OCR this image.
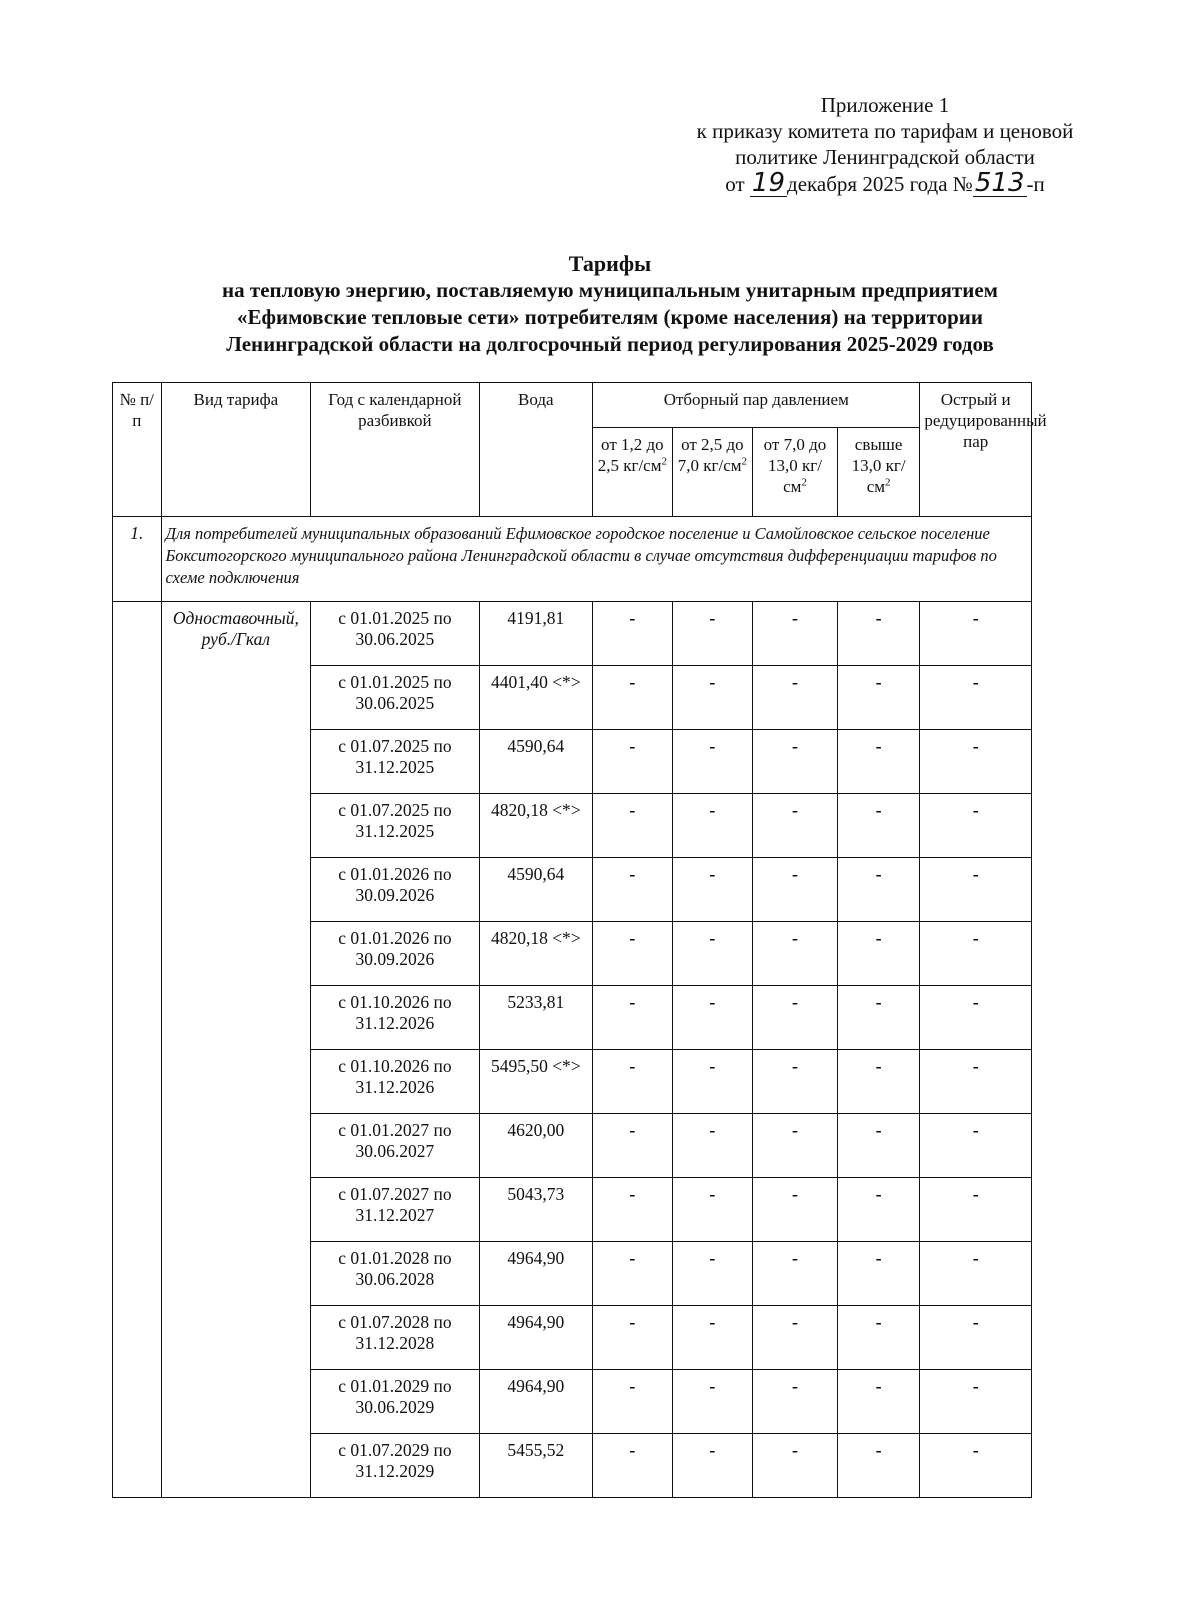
Приложение 1
к приказу комитета по тарифам и ценовой
политике Ленинградской области
от 19декабря 2025 года №513-п
Тарифы
на тепловую энергию, поставляемую муниципальным унитарным предприятием
«Ефимовские тепловые сети» потребителям (кроме населения) на территории
Ленинградской области на долгосрочный период регулирования 2025-2029 годов
№ п/п	Вид тарифа	Год с календарной разбивкой	Вода	Отборный пар давлением				Острый и редуцированный пар
				от 1,2 до 2,5 $кг/см^2$	от 2,5 до 7,0 $кг/см^2$	от 7,0 до 13,0 $кг/см^2$	свыше 13,0 $кг/см^2$
1.	Для потребителей муниципальных образований Ефимовское городское поселение и Самойловское сельское поселение Бокситогорского муниципального района Ленинградской области в случае отсутствия дифференциации тарифов по схеме подключения							
	Одноставочный, руб./Гкал	с 01.01.2025 по 30.06.2025	4191,81	-	-	-	-	-
		с 01.01.2025 по 30.06.2025	4401,40 <*>	-	-	-	-	-
		с 01.07.2025 по 31.12.2025	4590,64	-	-	-	-	-
		с 01.07.2025 по 31.12.2025	4820,18 <*>	-	-	-	-	-
		с 01.01.2026 по 30.09.2026	4590,64	-	-	-	-	-
		с 01.01.2026 по 30.09.2026	4820,18 <*>	-	-	-	-	-
		с 01.10.2026 по 31.12.2026	5233,81	-	-	-	-	-
		с 01.10.2026 по 31.12.2026	5495,50 <*>	-	-	-	-	-
		с 01.01.2027 по 30.06.2027	4620,00	-	-	-	-	-
		с 01.07.2027 по 31.12.2027	5043,73	-	-	-	-	-
		с 01.01.2028 по 30.06.2028	4964,90	-	-	-	-	-
		с 01.07.2028 по 31.12.2028	4964,90	-	-	-	-	-
		с 01.01.2029 по 30.06.2029	4964,90	-	-	-	-	-
		с 01.07.2029 по 31.12.2029	5455,52	-	-	-	-	-
